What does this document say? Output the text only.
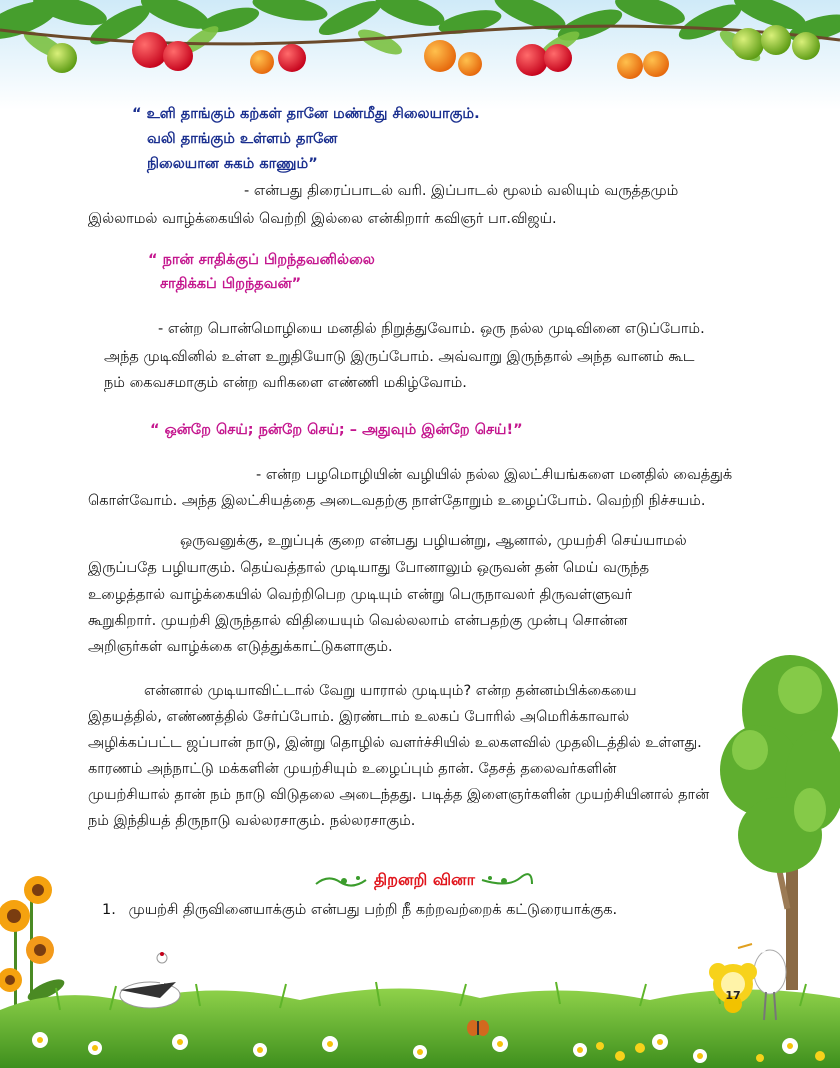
“ உளி தாங்கும் கற்கள் தானே மண்மீது சிலையாகும்.
வலி தாங்கும் உள்ளம் தானே
நிலையான சுகம் காணும்”
- என்பது திரைப்பாடல் வரி. இப்பாடல் மூலம் வலியும் வருத்தமும்
இல்லாமல் வாழ்க்கையில் வெற்றி இல்லை என்கிறார் கவிஞர் பா.விஜய்.
“ நான் சாதிக்குப் பிறந்தவனில்லை
சாதிக்கப் பிறந்தவன்”
- என்ற பொன்மொழியை மனதில் நிறுத்துவோம். ஒரு நல்ல முடிவினை எடுப்போம்.
அந்த முடிவினில் உள்ள உறுதியோடு இருப்போம். அவ்வாறு இருந்தால் அந்த வானம் கூட
நம் கைவசமாகும் என்ற வரிகளை எண்ணி மகிழ்வோம்.
“ ஒன்றே செய்; நன்றே செய்; – அதுவும் இன்றே செய்!”
- என்ற பழமொழியின் வழியில் நல்ல இலட்சியங்களை மனதில் வைத்துக்
கொள்வோம். அந்த இலட்சியத்தை அடைவதற்கு நாள்தோறும் உழைப்போம். வெற்றி நிச்சயம்.
ஒருவனுக்கு, உறுப்புக் குறை என்பது பழியன்று, ஆனால், முயற்சி செய்யாமல்
இருப்பதே பழியாகும். தெய்வத்தால் முடியாது போனாலும் ஒருவன் தன் மெய் வருந்த
உழைத்தால் வாழ்க்கையில் வெற்றிபெற முடியும் என்று பெருநாவலர் திருவள்ளுவர்
கூறுகிறார். முயற்சி இருந்தால் விதியையும் வெல்லலாம் என்பதற்கு முன்பு சொன்ன
அறிஞர்கள் வாழ்க்கை எடுத்துக்காட்டுகளாகும்.
என்னால் முடியாவிட்டால் வேறு யாரால் முடியும்? என்ற தன்னம்பிக்கையை
இதயத்தில், எண்ணத்தில் சேர்ப்போம். இரண்டாம் உலகப் போரில் அமெரிக்காவால்
அழிக்கப்பட்ட ஜப்பான் நாடு, இன்று தொழில் வளர்ச்சியில் உலகளவில் முதலிடத்தில் உள்ளது.
காரணம் அந்நாட்டு மக்களின் முயற்சியும் உழைப்பும் தான். தேசத் தலைவர்களின்
முயற்சியால் தான் நம் நாடு விடுதலை அடைந்தது. படித்த இளைஞர்களின் முயற்சியினால் தான்
நம் இந்தியத் திருநாடு வல்லரசாகும். நல்லரசாகும்.
திறனறி வினா
1. முயற்சி திருவினையாக்கும் என்பது பற்றி நீ கற்றவற்றைக் கட்டுரையாக்குக.
17
